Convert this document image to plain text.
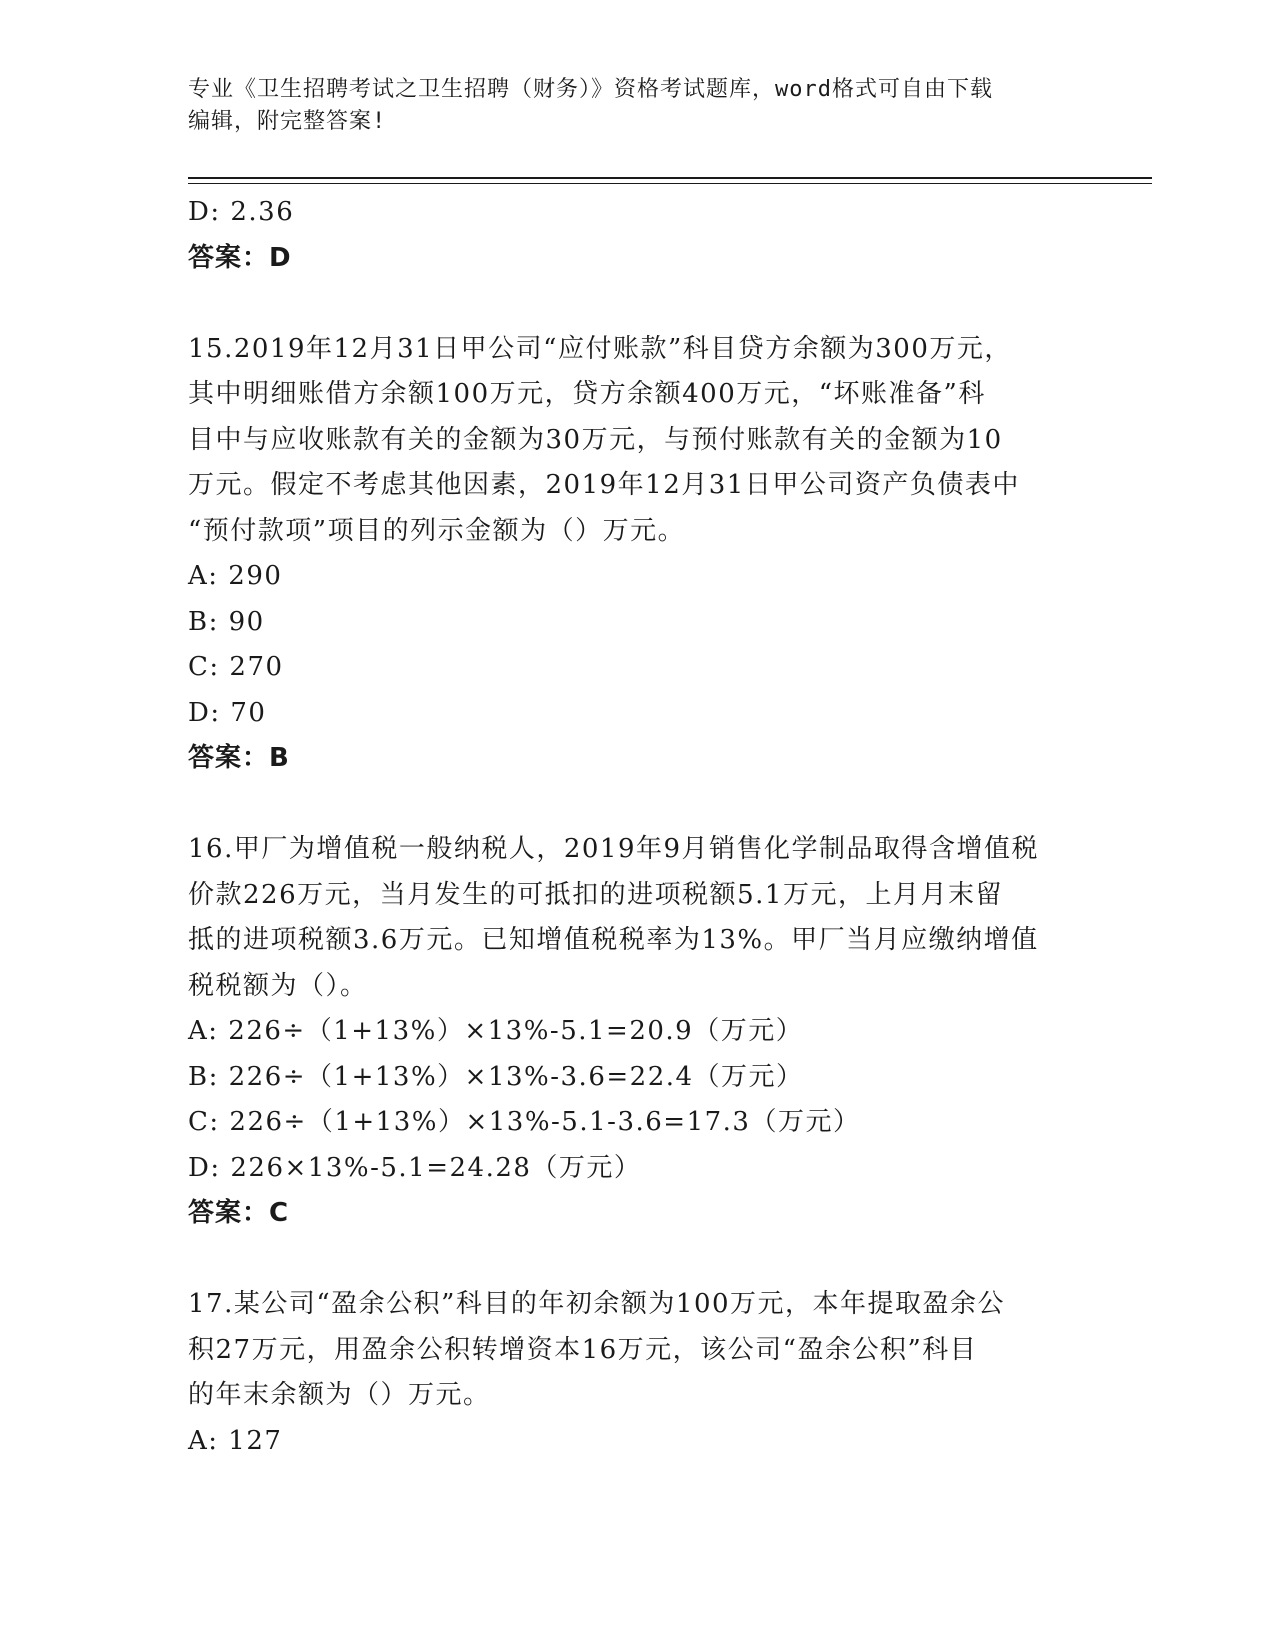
专业《卫生招聘考试之卫生招聘（财务）》资格考试题库，word格式可自由下载
编辑，附完整答案!

D: 2.36

答案：D

15.2019年12月31日甲公司“应付账款”科目贷方余额为300万元，

其中明细账借方余额100万元，贷方余额400万元，“坏账准备”科

目中与应收账款有关的金额为30万元，与预付账款有关的金额为10

万元。假定不考虑其他因素，2019年12月31日甲公司资产负债表中

“预付款项”项目的列示金额为（）万元。

A: 290

B: 90

C: 270

D: 70

答案：B

16.甲厂为增值税一般纳税人，2019年9月销售化学制品取得含增值税

价款226万元，当月发生的可抵扣的进项税额5.1万元，上月月末留

抵的进项税额3.6万元。已知增值税税率为13%。甲厂当月应缴纳增值

税税额为（）。

A: 226÷（1+13%）×13%-5.1=20.9（万元）

B: 226÷（1+13%）×13%-3.6=22.4（万元）

C: 226÷（1+13%）×13%-5.1-3.6=17.3（万元）

D: 226×13%-5.1=24.28（万元）

答案：C

17.某公司“盈余公积”科目的年初余额为100万元，本年提取盈余公

积27万元，用盈余公积转增资本16万元，该公司“盈余公积”科目

的年末余额为（）万元。

A: 127
